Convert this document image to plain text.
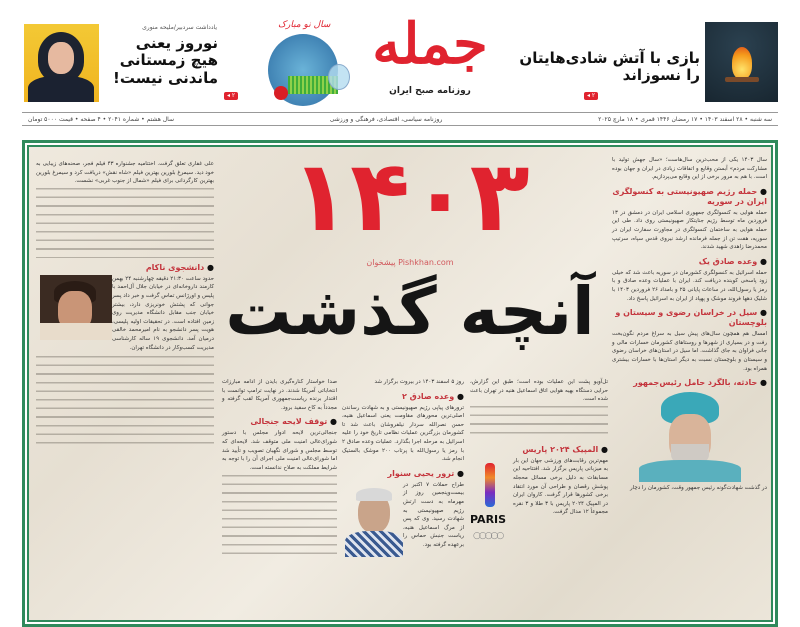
یادداشت سردبیر/ملیحه منوری
نوروز یعنی
هیچ زمستانی
ماندنی نیست!
۲ ◂
سال نو مبارک جمله
روزنامه صبح ایران
بازی با آتش شادی‌هایتان
را نسوزاند
۲ ◂
سه شنبه • ۲۸ اسفند ۱۴۰۳ • ۱۷ رمضان ۱۴۴۶ قمری • ۱۸ مارچ ۲۰۲۵
روزنامه سیاسی، اقتصادی، فرهنگی و ورزشی
سال هشتم • شماره ۲۰۴۱ • ۴ صفحه • قیمت ۵۰۰۰ تومان
۱۴۰۳
پیشخوان Pishkhan.com
آنچه گذشت

سال ۱۴۰۳ یکی از محب‌ترین سال‌هاست؛ «سال جهش تولید با مشارکت مردم» آبستن وقایع و اتفاقات زیادی در ایران و جهان بوده است. با هم به مرور برخی از این وقایع می‌پردازیم.

● حمله رژیم صهیونیستی به کنسولگری ایران در سوریه

حمله هوایی به کنسولگری جمهوری اسلامی ایران در دمشق در ۱۳ فروردین ماه توسط رژیم جنایتکار صهیونیستی روی داد. طی این حمله هوایی به ساختمان کنسولگری در مجاورت سفارت ایران در سوریه، هفت تن از جمله فرمانده ارشد نیروی قدس سپاه، سرتیپ محمدرضا زاهدی شهید شدند.

● وعده صادق یک

حمله اسرائیل به کنسولگری کشورمان در سوریه باعث شد که خیلی زود پاسخی کوبنده دریافت کند. ایران با عملیات وعده صادق و با رمز یا رسول‌الله، در ساعات پایانی ۲۵ و بامداد ۲۶ فروردین ۱۴۰۳ با شلیک دهها فروند موشک و پهپاد از ایران به اسرائیل پاسخ داد.

● سیل در خراسان رضوی و سیستان و بلوچستان

امسال هم همچون سال‌های پیش سیل به سراغ مردم نگون‌بخت رفت و در بسیاری از شهرها و روستاهای کشورمان خسارات مالی و جانی فراوان به جای گذاشت. اما سیل در استان‌های خراسان رضوی و سیستان و بلوچستان نسبت به دیگر استان‌ها با خسارات بیشتری همراه بود.

● حادثه، بالگرد حامل رئیس‌جمهور

در گذشت شهادت‌گونه رئیس جمهور وقت، کشورمان را دچار

علی غفاری تعلق گرفت. اختتامیه جشنواره ۴۳ فیلم فجر، صحنه‌های زیبایی به خود دید. سیمرغ بلورین بهترین فیلم «شاه نقش» دریافت کرد و سیمرغ بلورین بهترین کارگردانی برای فیلم «شمال از جنوب غربی» نشست.

● دانشجوی ناکام

حدود ساعت ۲۱:۳۰ دقیقه چهارشنبه ۲۴ بهمن کارمند داروخانه‌ای در خیابان جلال آل‌احمد با پلیس و اورژانس تماس گرفت و خبر داد پسر جوانی که پشتش خونریزی دارد، بیشتر خیابان جنب مقابل دانشگاه مدیریت روی زمین افتاده است. در تحقیقات اولیه پلیسی، هویت پسر دانشجو به نام امیرمحمد خالقی درمیان آمد. دانشجوی ۱۹ ساله کارشناسی مدیریت کسب‌وکار در دانشگاه تهران.

تل‌آویو پشت این عملیات بوده است؛ طبق این گزارش، حرایی دستگاه بهیه هوایی اتاق اسماعیل هنیه در تهران باعث شده است.

● المپیک ۲۰۲۴ پاریس

مهم‌ترین رقابت‌های ورزشی جهان این بار به میزبانی پاریس برگزار شد. افتتاحیه این مسابقات به دلیل برخی مسائل محجله پوشش رقصان و طراحی آن مورد انتقاد برخی کشورها قرار گرفت. کاروان ایران در المپیک ۲۰۲۴ پاریس با ۳ طلا و ۳ نقره مجموعاً ۱۲ مدال گرفت.

PARIS
○○○○○

روز ۵ اسفند ۱۴۰۳ در بیروت برگزار شد

● وعده صادق ۲

ترورهای پیاپی رژیم صهیونیستی و به شهادت رساندن اصلی‌ترین محورهای مقاومت یعنی اسماعیل هنیه، حسن نصرالله سردار نیلفروشان باعث شد تا کشورمان بزرگترین عملیات نظامی تاریخ خود را علیه اسرائیل به مرحله اجرا بگذارد. عملیات وعده صادق ۲ با رمز یا رسول‌الله با پرتاب ۲۰۰ موشک بالستیک انجام شد.

● ترور یحیی سنوار

طراح حملات ۷ اکتبر در بیست‌وپنجمین روز از مهرماه به دست ارتش رژیم صهیونیستی به شهادت رسید. وی که پس از مرگ اسماعیل هنیه، ریاست جنبش حماس را برعهده گرفته بود.

صدا خواستار کناره‌گیری بایدن از ادامه مبارزات انتخاباتی آمریکا شدند. در نهایت ترامپ توانست با اقتدار برنده ریاست‌جمهوری آمریکا لقب گرفته و مجدداً به کاخ سفید برود.

● توقف لایحه جنجالی

جنجالی‌ترین لایحه ادوار مجلس با دستور شورای‌عالی امنیت ملی متوقف شد. لایحه‌ای که توسط مجلس و شورای نگهبان تصویب و تأیید شد اما شورای‌عالی امنیت ملی اجرای آن را با توجه به شرایط مملکت به صلاح ندانسته است.
